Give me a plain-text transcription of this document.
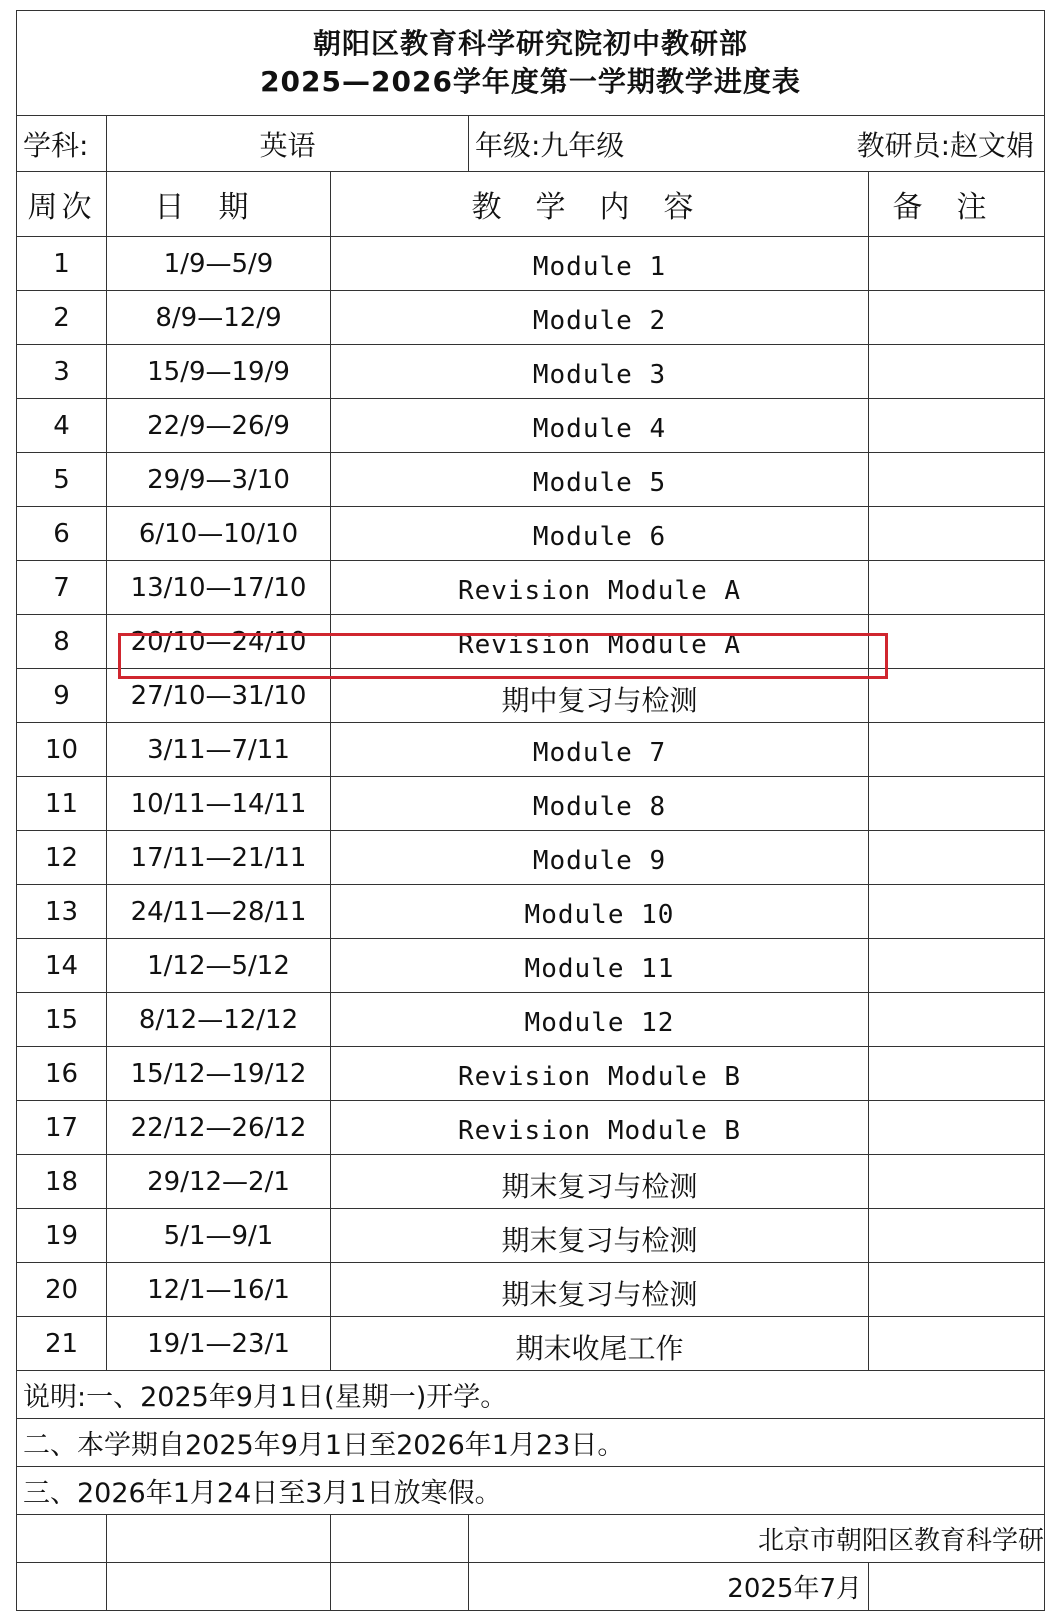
朝阳区教育科学研究院初中教研部
2025—2026学年度第一学期教学进度表				

学科:	英语		年级:九年级 教研员:赵文娟	

周次	日期	教学内容		备注
1	1/9—5/9	Module 1		
2	8/9—12/9	Module 2		
3	15/9—19/9	Module 3		
4	22/9—26/9	Module 4		
5	29/9—3/10	Module 5		
6	6/10—10/10	Module 6		
7	13/10—17/10	Revision Module A		
8	20/10—24/10	Revision Module A		
9	27/10—31/10	期中复习与检测		
10	3/11—7/11	Module 7		
11	10/11—14/11	Module 8		
12	17/11—21/11	Module 9		
13	24/11—28/11	Module 10		
14	1/12—5/12	Module 11		
15	8/12—12/12	Module 12		
16	15/12—19/12	Revision Module B		
17	22/12—26/12	Revision Module B		
18	29/12—2/1	期末复习与检测		
19	5/1—9/1	期末复习与检测		
20	12/1—16/1	期末复习与检测		
21	19/1—23/1	期末收尾工作		
说明:一、2025年9月1日(星期一)开学。				
二、本学期自2025年9月1日至2026年1月23日。				
三、2026年1月24日至3月1日放寒假。				
			北京市朝阳区教育科学研	
			2025年7月	
